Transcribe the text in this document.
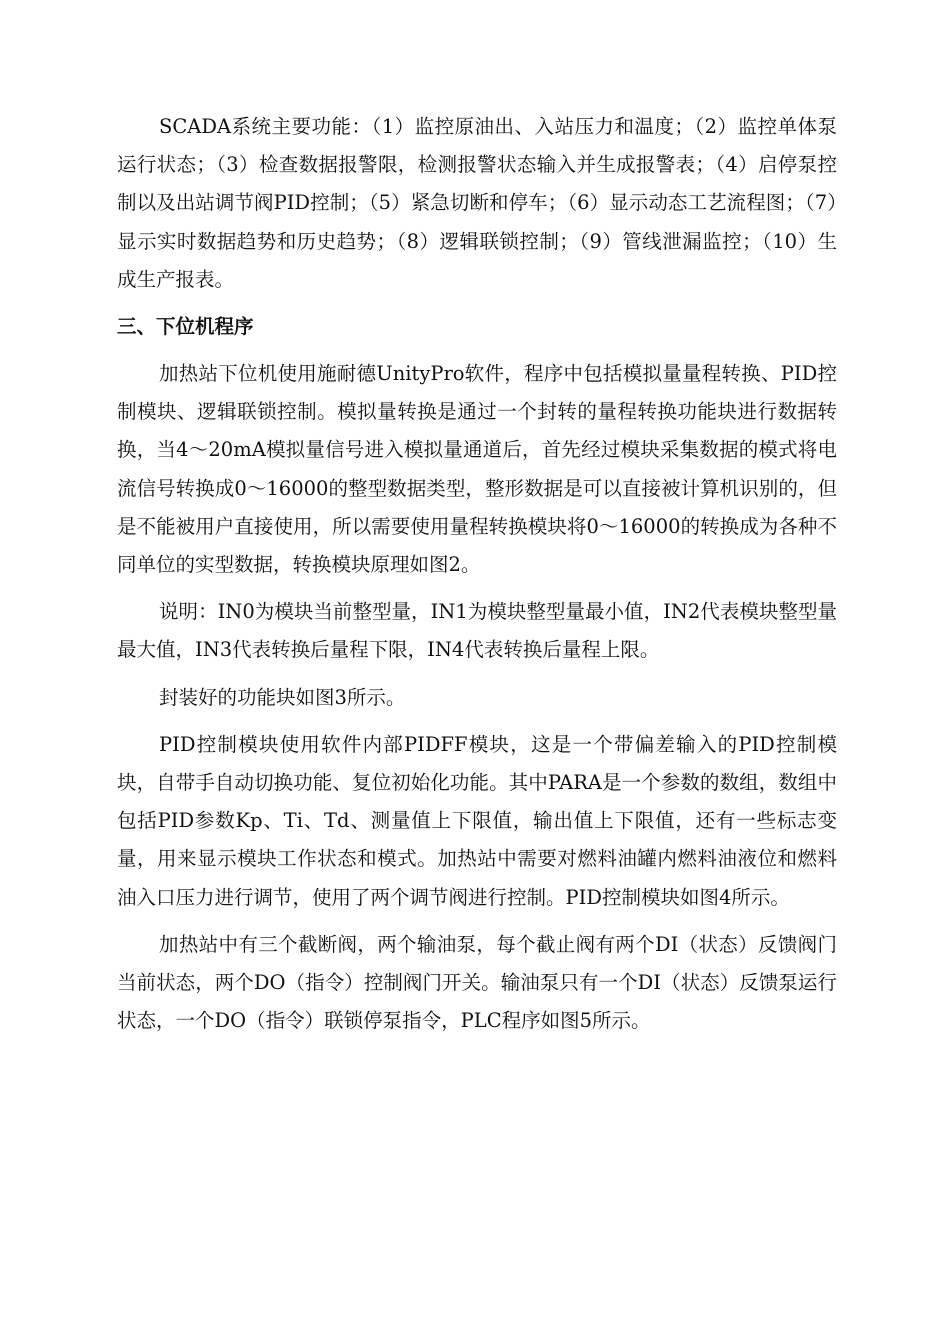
SCADA系统主要功能：（1）监控原油出、入站压力和温度；（2）监控单体泵运行状态；（3）检查数据报警限，检测报警状态输入并生成报警表；（4）启停泵控制以及出站调节阀PID控制；（5）紧急切断和停车；（6）显示动态工艺流程图；（7）显示实时数据趋势和历史趋势；（8）逻辑联锁控制；（9）管线泄漏监控；（10）生成生产报表。

三、下位机程序

加热站下位机使用施耐德UnityPro软件，程序中包括模拟量量程转换、PID控制模块、逻辑联锁控制。模拟量转换是通过一个封转的量程转换功能块进行数据转换，当4～20mA模拟量信号进入模拟量通道后，首先经过模块采集数据的模式将电流信号转换成0～16000的整型数据类型，整形数据是可以直接被计算机识别的，但是不能被用户直接使用，所以需要使用量程转换模块将0～16000的转换成为各种不同单位的实型数据，转换模块原理如图2。

说明：IN0为模块当前整型量，IN1为模块整型量最小值，IN2代表模块整型量最大值，IN3代表转换后量程下限，IN4代表转换后量程上限。

封装好的功能块如图3所示。

PID控制模块使用软件内部PIDFF模块，这是一个带偏差输入的PID控制模块，自带手自动切换功能、复位初始化功能。其中PARA是一个参数的数组，数组中包括PID参数Kp、Ti、Td、测量值上下限值，输出值上下限值，还有一些标志变量，用来显示模块工作状态和模式。加热站中需要对燃料油罐内燃料油液位和燃料油入口压力进行调节，使用了两个调节阀进行控制。PID控制模块如图4所示。

加热站中有三个截断阀，两个输油泵，每个截止阀有两个DI（状态）反馈阀门当前状态，两个DO（指令）控制阀门开关。输油泵只有一个DI（状态）反馈泵运行状态，一个DO（指令）联锁停泵指令，PLC程序如图5所示。
